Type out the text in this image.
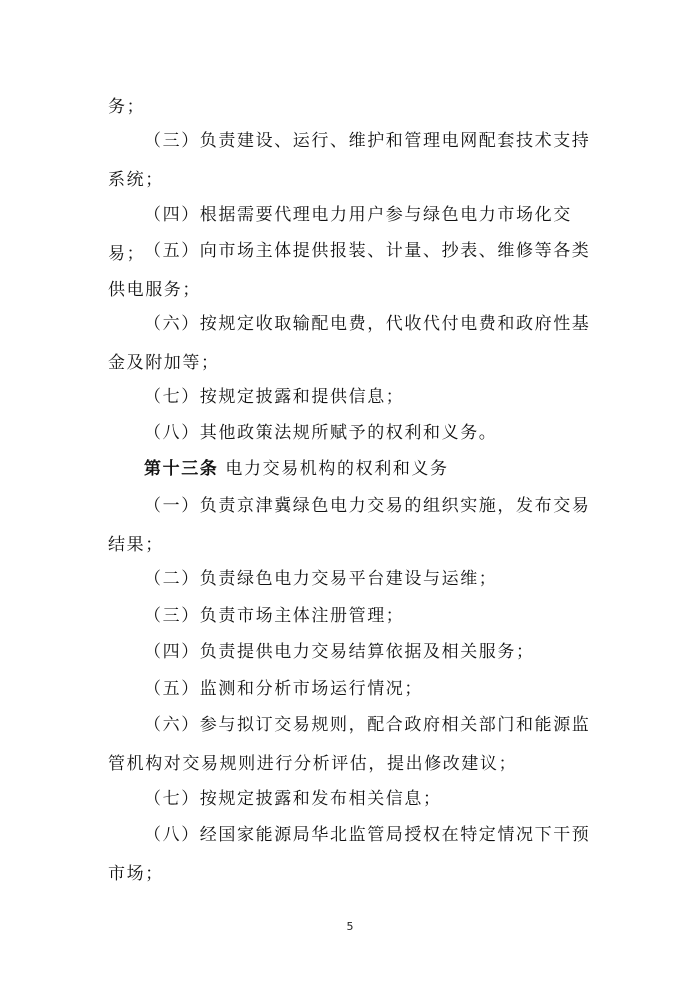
务；

（三）负责建设、运行、维护和管理电网配套技术支持系统；

（四）根据需要代理电力用户参与绿色电力市场化交易；

（五）向市场主体提供报装、计量、抄表、维修等各类供电服务；

（六）按规定收取输配电费，代收代付电费和政府性基金及附加等；

（七）按规定披露和提供信息；

（八）其他政策法规所赋予的权利和义务。

第十三条 电力交易机构的权利和义务

（一）负责京津冀绿色电力交易的组织实施，发布交易结果；

（二）负责绿色电力交易平台建设与运维；

（三）负责市场主体注册管理；

（四）负责提供电力交易结算依据及相关服务；

（五）监测和分析市场运行情况；

（六）参与拟订交易规则，配合政府相关部门和能源监管机构对交易规则进行分析评估，提出修改建议；

（七）按规定披露和发布相关信息；

（八）经国家能源局华北监管局授权在特定情况下干预市场；

5
